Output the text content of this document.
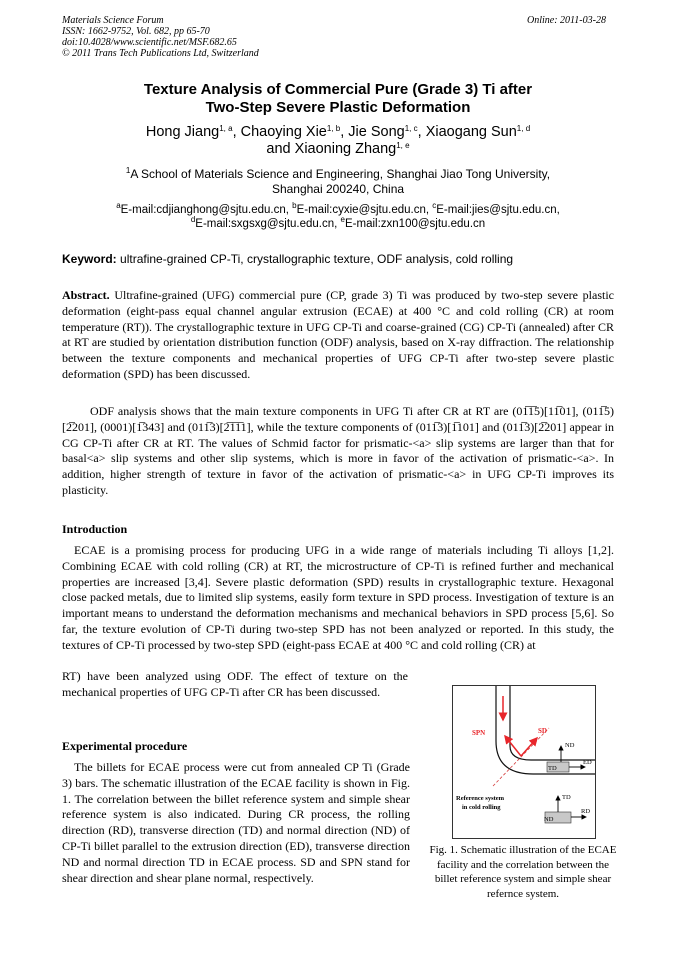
Materials Science Forum
ISSN: 1662-9752, Vol. 682, pp 65-70
doi:10.4028/www.scientific.net/MSF.682.65
© 2011 Trans Tech Publications Ltd, Switzerland
Online: 2011-03-28
Texture Analysis of Commercial Pure (Grade 3) Ti after
Two-Step Severe Plastic Deformation
Hong Jiang$^{1, a}$, Chaoying Xie$^{1, b}$, Jie Song$^{1, c}$, Xiaogang Sun$^{1, d}$
and Xiaoning Zhang$^{1, e}$
$^1$A School of Materials Science and Engineering, Shanghai Jiao Tong University,
Shanghai 200240, China
$^a$E-mail:cdjianghong@sjtu.edu.cn, $^b$E-mail:cyxie@sjtu.edu.cn, $^c$E-mail:jies@sjtu.edu.cn,
$^d$E-mail:sxgsxg@sjtu.edu.cn, $^e$E-mail:zxn100@sjtu.edu.cn
Keyword: ultrafine-grained CP-Ti, crystallographic texture, ODF analysis, cold rolling
Abstract. Ultrafine-grained (UFG) commercial pure (CP, grade 3) Ti was produced by two-step severe plastic deformation (eight-pass equal channel angular extrusion (ECAE) at 400 °C and cold rolling (CR) at room temperature (RT)). The crystallographic texture in UFG CP-Ti and coarse-grained (CG) CP-Ti (annealed) after CR at RT are studied by orientation distribution function (ODF) analysis, based on X-ray diffraction. The relationship between the texture components and mechanical properties of UFG CP-Ti after two-step severe plastic deformation (SPD) has been discussed.
ODF analysis shows that the main texture components in UFG Ti after CR at RT are (01̅1̅5)[11̅01], (011̅5)[2̅201], (0001)[1̅343] and (011̅3)[2̅1̅1̅1], while the texture components of (011̅3)[1̅101] and (011̅3)[2̅201] appear in CG CP-Ti after CR at RT. The values of Schmid factor for prismatic-<a> slip systems are larger than that for basal<a> slip systems and other slip systems, which is more in favor of the activation of prismatic-<a>. In addition, higher strength of texture in favor of the activation of prismatic-<a> in UFG CP-Ti improves its plasticity.
Introduction
ECAE is a promising process for producing UFG in a wide range of materials including Ti alloys [1,2]. Combining ECAE with cold rolling (CR) at RT, the microstructure of CP-Ti is refined further and mechanical properties are increased [3,4]. Severe plastic deformation (SPD) results in crystallographic texture. Hexagonal close packed metals, due to limited slip systems, easily form texture in SPD process. Investigation of texture is an important means to understand the deformation mechanisms and mechanical behaviors in SPD process [5,6]. So far, the texture evolution of CP-Ti during two-step SPD has not been analyzed or reported. In this study, the textures of CP-Ti processed by two-step SPD (eight-pass ECAE at 400 °C and cold rolling (CR) at
RT) have been analyzed using ODF. The effect of texture on the mechanical properties of UFG CP-Ti after CR has been discussed.
Experimental procedure
The billets for ECAE process were cut from annealed CP Ti (Grade 3) bars. The schematic illustration of the ECAE facility is shown in Fig. 1. The correlation between the billet reference system and simple shear reference system is also indicated. During CR process, the rolling direction (RD), transverse direction (TD) and normal direction (ND) of CP-Ti billet parallel to the extrusion direction (ED), transverse direction ND and normal direction TD in ECAE process. SD and SPN stand for shear direction and shear plane normal, respectively.
SPN	SD
TD
ND
ED
Reference system
in cold rolling
ND
TD
RD
Fig. 1. Schematic illustration of the ECAE facility and the correlation between the billet reference system and simple shear refernce system.
